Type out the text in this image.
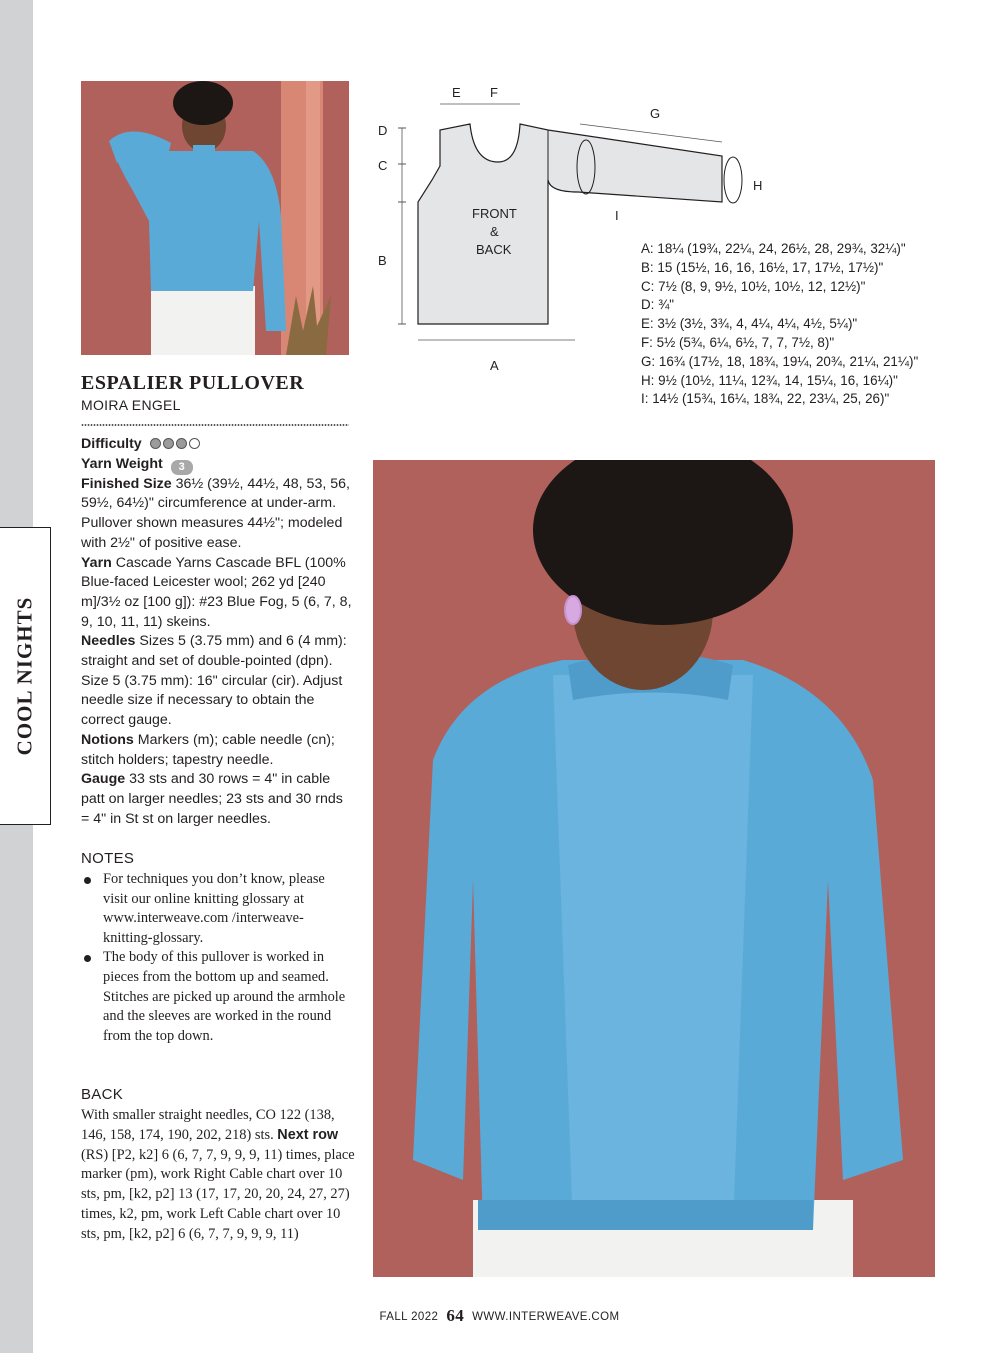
COOL NIGHTS
ESPALIER PULLOVER
MOIRA ENGEL
Difficulty
Yarn Weight 3
Finished Size 36½ (39½, 44½, 48, 53, 56, 59½, 64½)" circumference at under-arm. Pullover shown measures 44½"; modeled with 2½" of positive ease.
Yarn Cascade Yarns Cascade BFL (100% Blue-faced Leicester wool; 262 yd [240 m]/3½ oz [100 g]): #23 Blue Fog, 5 (6, 7, 8, 9, 10, 11, 11) skeins.
Needles Sizes 5 (3.75 mm) and 6 (4 mm): straight and set of double-pointed (dpn). Size 5 (3.75 mm): 16" circular (cir). Adjust needle size if necessary to obtain the correct gauge.
Notions Markers (m); cable needle (cn); stitch holders; tapestry needle.
Gauge 33 sts and 30 rows = 4" in cable patt on larger needles; 23 sts and 30 rnds = 4" in St st on larger needles.
NOTES
For techniques you don’t know, please visit our online knitting glossary at www.interweave.com /interweave-knitting-glossary.
The body of this pullover is worked in pieces from the bottom up and seamed. Stitches are picked up around the armhole and the sleeves are worked in the round from the top down.
BACK
With smaller straight needles, CO 122 (138, 146, 158, 174, 190, 202, 218) sts. Next row (RS) [P2, k2] 6 (6, 7, 7, 9, 9, 9, 11) times, place marker (pm), work Right Cable chart over 10 sts, pm, [k2, p2] 13 (17, 17, 20, 20, 24, 27, 27) times, k2, pm, work Left Cable chart over 10 sts, pm, [k2, p2] 6 (6, 7, 7, 9, 9, 9, 11)
FRONT
&
BACK
A
B
C
D
E F
G
H
I
A: 18¼ (19¾, 22¼, 24, 26½, 28, 29¾, 32¼)"
B: 15 (15½, 16, 16, 16½, 17, 17½, 17½)"
C: 7½ (8, 9, 9½, 10½, 10½, 12, 12½)"
D: ¾"
E: 3½ (3½, 3¾, 4, 4¼, 4¼, 4½, 5¼)"
F: 5½ (5¾, 6¼, 6½, 7, 7, 7½, 8)"
G: 16¾ (17½, 18, 18¾, 19¼, 20¾, 21¼, 21¼)"
H: 9½ (10½, 11¼, 12¾, 14, 15¼, 16, 16¼)"
I: 14½ (15¾, 16¼, 18¾, 22, 23¼, 25, 26)"
FALL 2022 64 WWW.INTERWEAVE.COM
